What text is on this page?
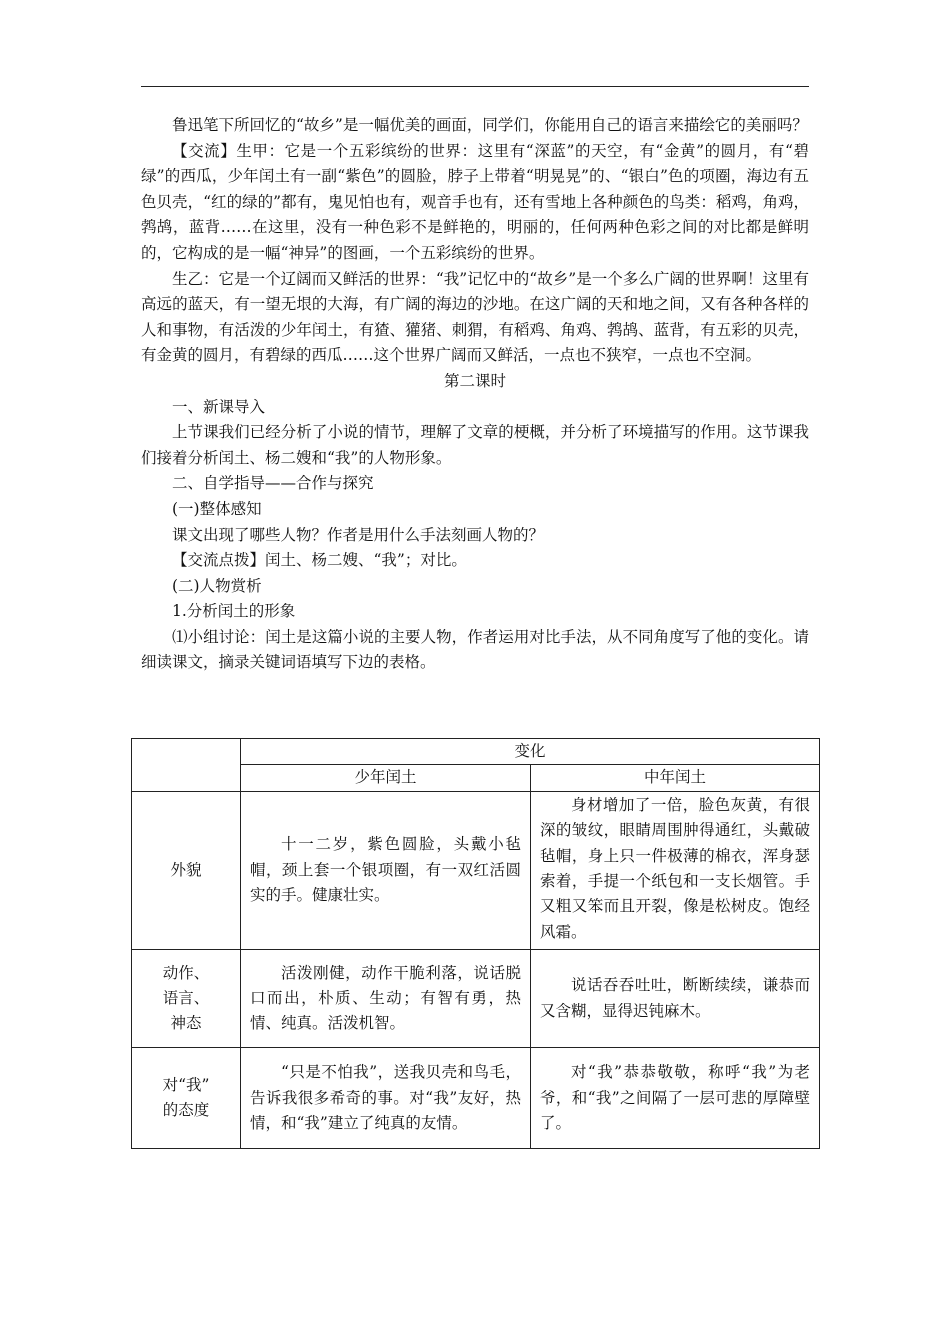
鲁迅笔下所回忆的“故乡”是一幅优美的画面，同学们，你能用自己的语言来描绘它的美丽吗？

【交流】生甲：它是一个五彩缤纷的世界：这里有“深蓝”的天空，有“金黄”的圆月，有“碧绿”的西瓜，少年闰土有一副“紫色”的圆脸，脖子上带着“明晃晃”的、“银白”色的项圈，海边有五色贝壳，“红的绿的”都有，鬼见怕也有，观音手也有，还有雪地上各种颜色的鸟类：稻鸡，角鸡，鹁鸪，蓝背……在这里，没有一种色彩不是鲜艳的，明丽的，任何两种色彩之间的对比都是鲜明的，它构成的是一幅“神异”的图画，一个五彩缤纷的世界。

生乙：它是一个辽阔而又鲜活的世界：“我”记忆中的“故乡”是一个多么广阔的世界啊！这里有高远的蓝天，有一望无垠的大海，有广阔的海边的沙地。在这广阔的天和地之间，又有各种各样的人和事物，有活泼的少年闰土，有猹、獾猪、刺猬，有稻鸡、角鸡、鹁鸪、蓝背，有五彩的贝壳，有金黄的圆月，有碧绿的西瓜……这个世界广阔而又鲜活，一点也不狭窄，一点也不空洞。

第二课时

一、新课导入

上节课我们已经分析了小说的情节，理解了文章的梗概，并分析了环境描写的作用。这节课我们接着分析闰土、杨二嫂和“我”的人物形象。

二、自学指导——合作与探究

(一)整体感知

课文出现了哪些人物？作者是用什么手法刻画人物的？

【交流点拨】闰土、杨二嫂、“我”；对比。

(二)人物赏析

1.分析闰土的形象

⑴小组讨论：闰土是这篇小说的主要人物，作者运用对比手法，从不同角度写了他的变化。请细读课文，摘录关键词语填写下边的表格。

	变化	
	少年闰土	中年闰土

外貌	十一二岁，紫色圆脸，头戴小毡帽，颈上套一个银项圈，有一双红活圆实的手。健康壮实。	身材增加了一倍，脸色灰黄，有很深的皱纹，眼睛周围肿得通红，头戴破毡帽，身上只一件极薄的棉衣，浑身瑟索着，手提一个纸包和一支长烟管。手又粗又笨而且开裂，像是松树皮。饱经风霜。

动作、
语言、
神态	活泼刚健，动作干脆利落，说话脱口而出，朴质、生动；有智有勇，热情、纯真。活泼机智。	说话吞吞吐吐，断断续续，谦恭而又含糊，显得迟钝麻木。

对“我”
的态度	“只是不怕我”，送我贝壳和鸟毛，告诉我很多希奇的事。对“我”友好，热情，和“我”建立了纯真的友情。	对“我”恭恭敬敬，称呼“我”为老爷，和“我”之间隔了一层可悲的厚障壁了。
